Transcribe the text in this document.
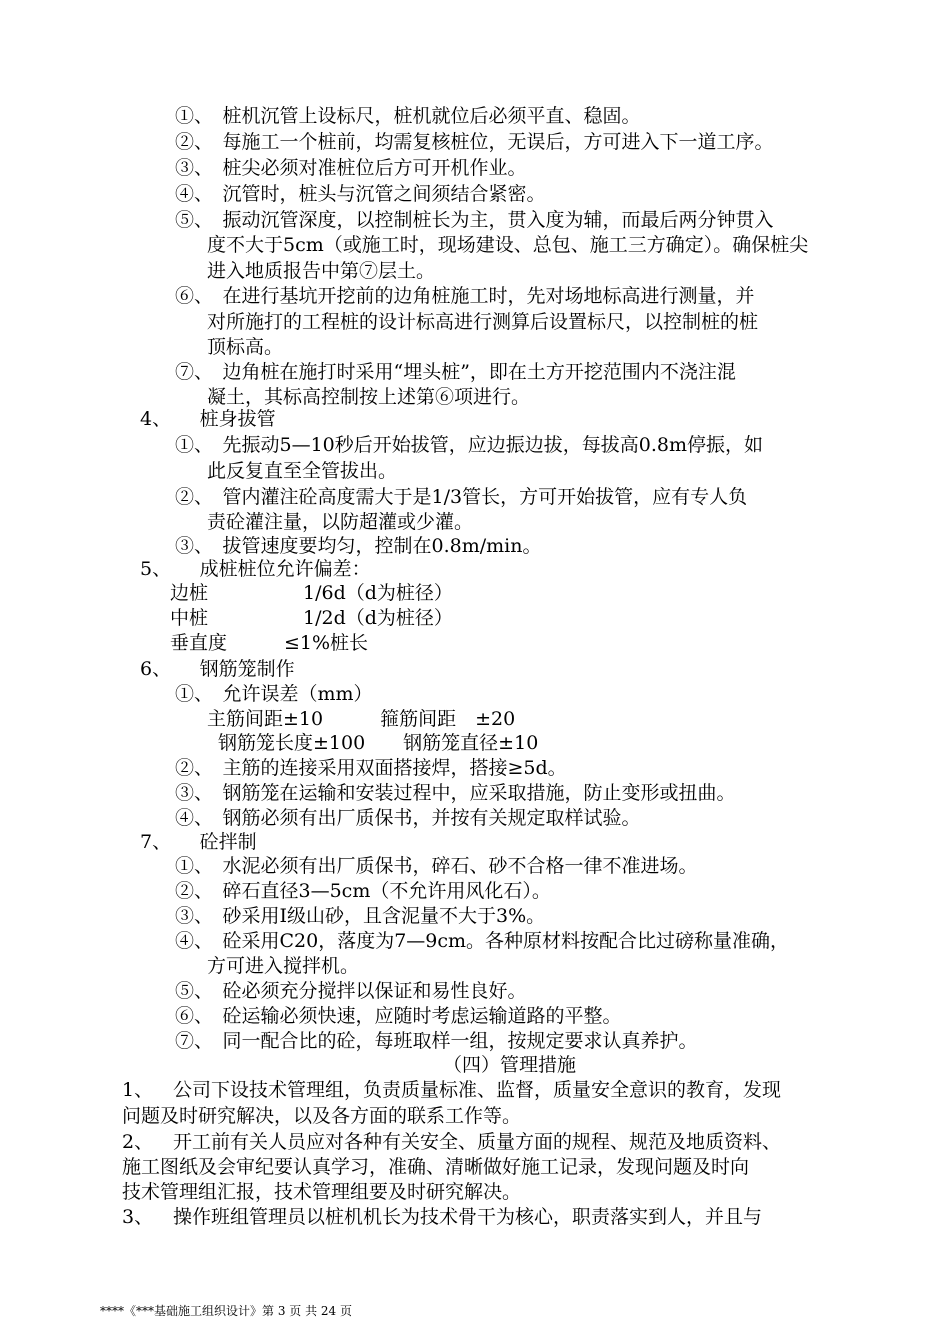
①、　桩机沉管上设标尺，桩机就位后必须平直、稳固。
②、　每施工一个桩前，均需复核桩位，无误后，方可进入下一道工序。
③、　桩尖必须对准桩位后方可开机作业。
④、　沉管时，桩头与沉管之间须结合紧密。
⑤、　振动沉管深度，以控制桩长为主，贯入度为辅，而最后两分钟贯入
度不大于5cm（或施工时，现场建设、总包、施工三方确定）。确保桩尖
进入地质报告中第⑦层土。
⑥、　在进行基坑开挖前的边角桩施工时，先对场地标高进行测量，并
对所施打的工程桩的设计标高进行测算后设置标尺，以控制桩的桩
顶标高。
⑦、　边角桩在施打时采用“埋头桩”，即在土方开挖范围内不浇注混
凝土，其标高控制按上述第⑥项进行。
4、　　桩身拔管
①、　先振动5—10秒后开始拔管，应边振边拔，每拔高0.8m停振，如
此反复直至全管拔出。
②、　管内灌注砼高度需大于是1/3管长，方可开始拔管，应有专人负
责砼灌注量，以防超灌或少灌。
③、　拔管速度要均匀，控制在0.8m/min。
5、　　成桩桩位允许偏差：
边桩　　　　　1/6d（d为桩径）
中桩　　　　　1/2d（d为桩径）
垂直度　　　≤1%桩长
6、　　钢筋笼制作
①、　允许误差（mm）
主筋间距±10　　　箍筋间距　±20
钢筋笼长度±100　　钢筋笼直径±10
②、　主筋的连接采用双面搭接焊，搭接≥5d。
③、　钢筋笼在运输和安装过程中，应采取措施，防止变形或扭曲。
④、　钢筋必须有出厂质保书，并按有关规定取样试验。
7、　　砼拌制
①、　水泥必须有出厂质保书，碎石、砂不合格一律不准进场。
②、　碎石直径3—5cm（不允许用风化石）。
③、　砂采用Ⅰ级山砂，且含泥量不大于3%。
④、　砼采用C20，落度为7—9cm。各种原材料按配合比过磅称量准确，
方可进入搅拌机。
⑤、　砼必须充分搅拌以保证和易性良好。
⑥、　砼运输必须快速，应随时考虑运输道路的平整。
⑦、　同一配合比的砼，每班取样一组，按规定要求认真养护。
（四）管理措施
1、 公司下设技术管理组，负责质量标准、监督，质量安全意识的教育，发现
问题及时研究解决，以及各方面的联系工作等。
2、 开工前有关人员应对各种有关安全、质量方面的规程、规范及地质资料、
施工图纸及会审纪要认真学习，准确、清晰做好施工记录，发现问题及时向
技术管理组汇报，技术管理组要及时研究解决。
3、 操作班组管理员以桩机机长为技术骨干为核心，职责落实到人，并且与
****《***基础施工组织设计》第 3 页 共 24 页
